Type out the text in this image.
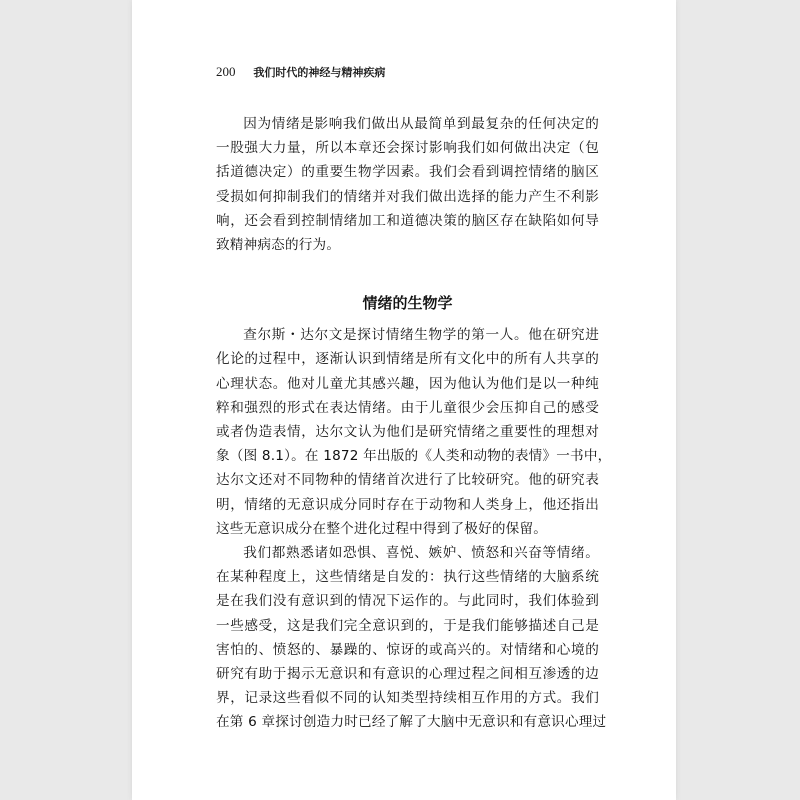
200 我们时代的神经与精神疾病
因为情绪是影响我们做出从最简单到最复杂的任何决定的
一股强大力量，所以本章还会探讨影响我们如何做出决定（包
括道德决定）的重要生物学因素。我们会看到调控情绪的脑区
受损如何抑制我们的情绪并对我们做出选择的能力产生不利影
响，还会看到控制情绪加工和道德决策的脑区存在缺陷如何导
致精神病态的行为。
情绪的生物学
查尔斯・达尔文是探讨情绪生物学的第一人。他在研究进
化论的过程中，逐渐认识到情绪是所有文化中的所有人共享的
心理状态。他对儿童尤其感兴趣，因为他认为他们是以一种纯
粹和强烈的形式在表达情绪。由于儿童很少会压抑自己的感受
或者伪造表情，达尔文认为他们是研究情绪之重要性的理想对
象（图 8.1）。在 1872 年出版的《人类和动物的表情》一书中，
达尔文还对不同物种的情绪首次进行了比较研究。他的研究表
明，情绪的无意识成分同时存在于动物和人类身上，他还指出
这些无意识成分在整个进化过程中得到了极好的保留。
我们都熟悉诸如恐惧、喜悦、嫉妒、愤怒和兴奋等情绪。
在某种程度上，这些情绪是自发的：执行这些情绪的大脑系统
是在我们没有意识到的情况下运作的。与此同时，我们体验到
一些感受，这是我们完全意识到的，于是我们能够描述自己是
害怕的、愤怒的、暴躁的、惊讶的或高兴的。对情绪和心境的
研究有助于揭示无意识和有意识的心理过程之间相互渗透的边
界，记录这些看似不同的认知类型持续相互作用的方式。我们
在第 6 章探讨创造力时已经了解了大脑中无意识和有意识心理过
